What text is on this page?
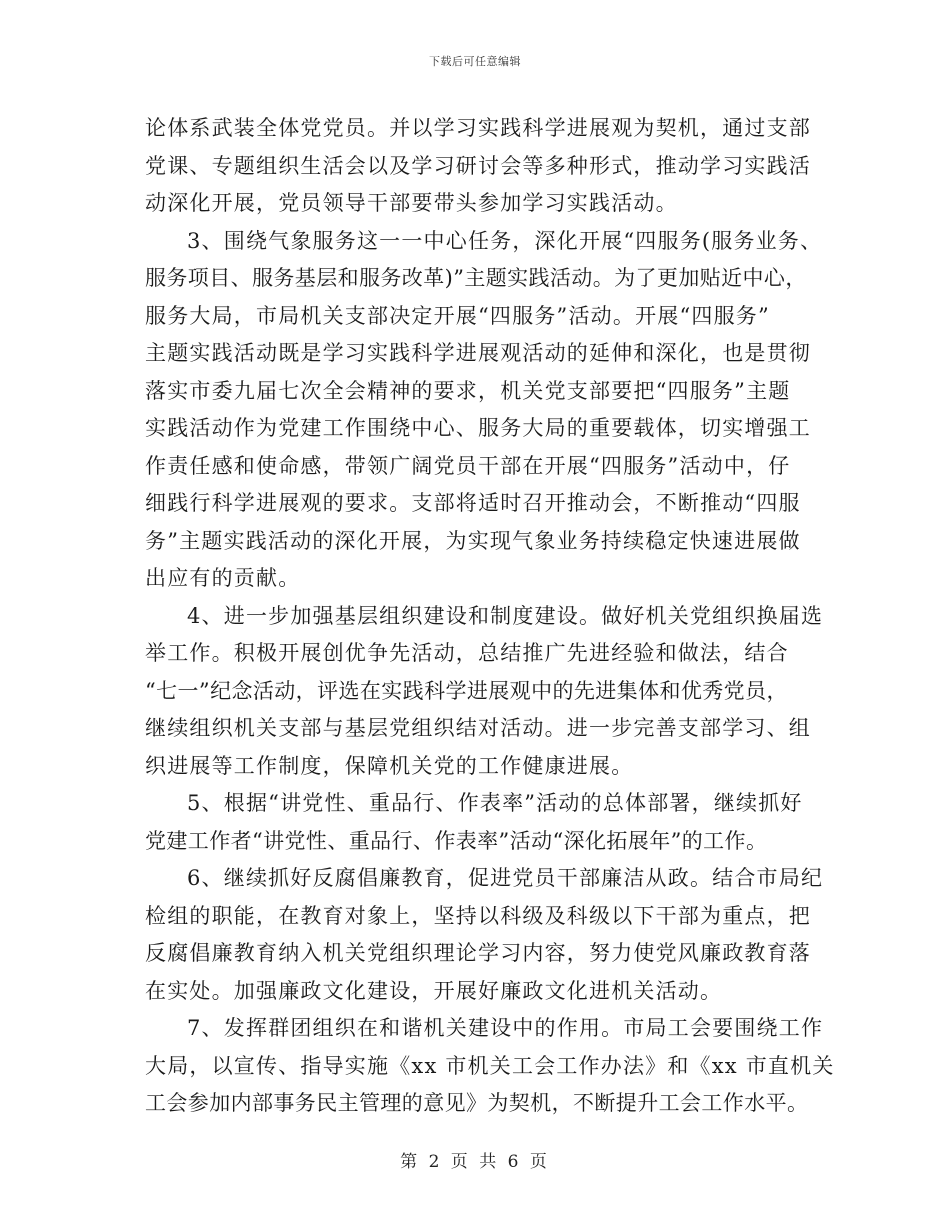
下载后可任意编辑
论体系武装全体党党员。并以学习实践科学进展观为契机，通过支部
党课、专题组织生活会以及学习研讨会等多种形式，推动学习实践活
动深化开展，党员领导干部要带头参加学习实践活动。
3、围绕气象服务这一一中心任务，深化开展“四服务(服务业务、
服务项目、服务基层和服务改革)”主题实践活动。为了更加贴近中心，
服务大局，市局机关支部决定开展“四服务”活动。开展“四服务”
主题实践活动既是学习实践科学进展观活动的延伸和深化，也是贯彻
落实市委九届七次全会精神的要求，机关党支部要把“四服务”主题
实践活动作为党建工作围绕中心、服务大局的重要载体，切实增强工
作责任感和使命感，带领广阔党员干部在开展“四服务”活动中，仔
细践行科学进展观的要求。支部将适时召开推动会，不断推动“四服
务”主题实践活动的深化开展，为实现气象业务持续稳定快速进展做
出应有的贡献。
4、进一步加强基层组织建设和制度建设。做好机关党组织换届选
举工作。积极开展创优争先活动，总结推广先进经验和做法，结合
“七一”纪念活动，评选在实践科学进展观中的先进集体和优秀党员，
继续组织机关支部与基层党组织结对活动。进一步完善支部学习、组
织进展等工作制度，保障机关党的工作健康进展。
5、根据“讲党性、重品行、作表率”活动的总体部署，继续抓好
党建工作者“讲党性、重品行、作表率”活动“深化拓展年”的工作。
6、继续抓好反腐倡廉教育，促进党员干部廉洁从政。结合市局纪
检组的职能，在教育对象上，坚持以科级及科级以下干部为重点，把
反腐倡廉教育纳入机关党组织理论学习内容，努力使党风廉政教育落
在实处。加强廉政文化建设，开展好廉政文化进机关活动。
7、发挥群团组织在和谐机关建设中的作用。市局工会要围绕工作
大局，以宣传、指导实施《xx 市机关工会工作办法》和《xx 市直机关
工会参加内部事务民主管理的意见》为契机，不断提升工会工作水平。
第 2 页 共 6 页
